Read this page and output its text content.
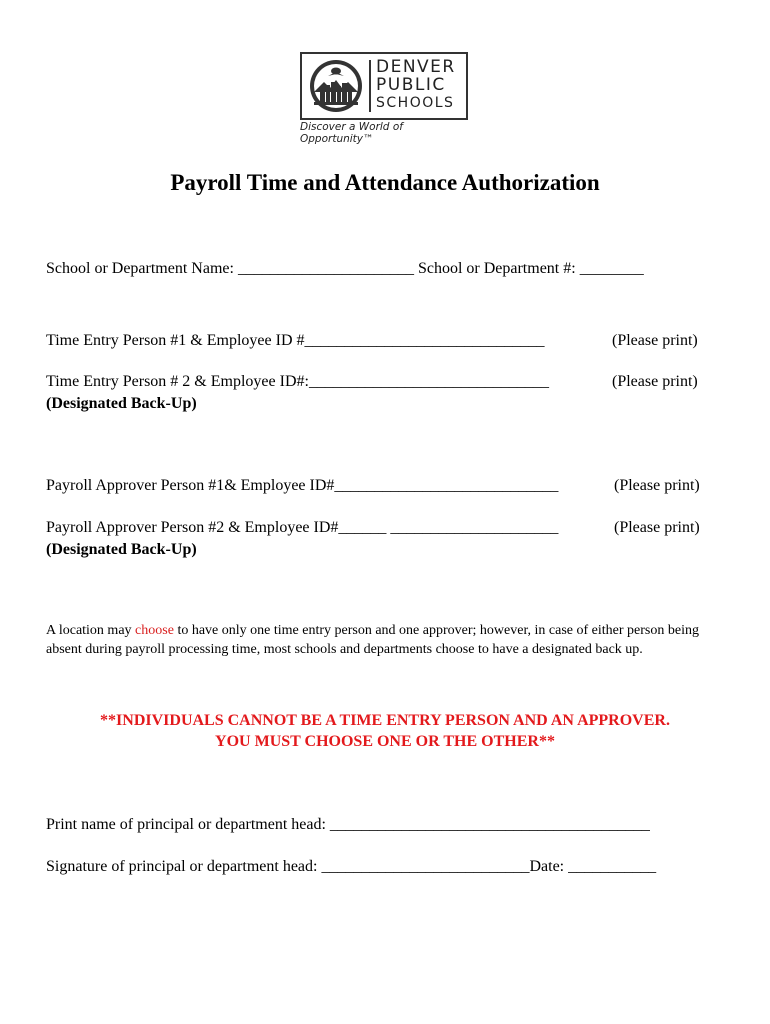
DENVER
PUBLIC
SCHOOLS
Discover a World of Opportunity™
Payroll Time and Attendance Authorization
School or Department Name: ______________________ School or Department #: ________
Time Entry Person #1 & Employee ID #______________________________	(Please print)
Time Entry Person # 2 & Employee ID#:______________________________	(Please print)
(Designated Back-Up)
Payroll Approver Person #1& Employee ID#____________________________	(Please print)
Payroll Approver Person #2 & Employee ID#______ _____________________	(Please print)
(Designated Back-Up)
A location may choose to have only one time entry person and one approver; however, in case of either person being absent during payroll processing time, most schools and departments choose to have a designated back up.
**INDIVIDUALS CANNOT BE A TIME ENTRY PERSON AND AN APPROVER.
YOU MUST CHOOSE ONE OR THE OTHER**
Print name of principal or department head: ________________________________________
Signature of principal or department head: __________________________Date: ___________
